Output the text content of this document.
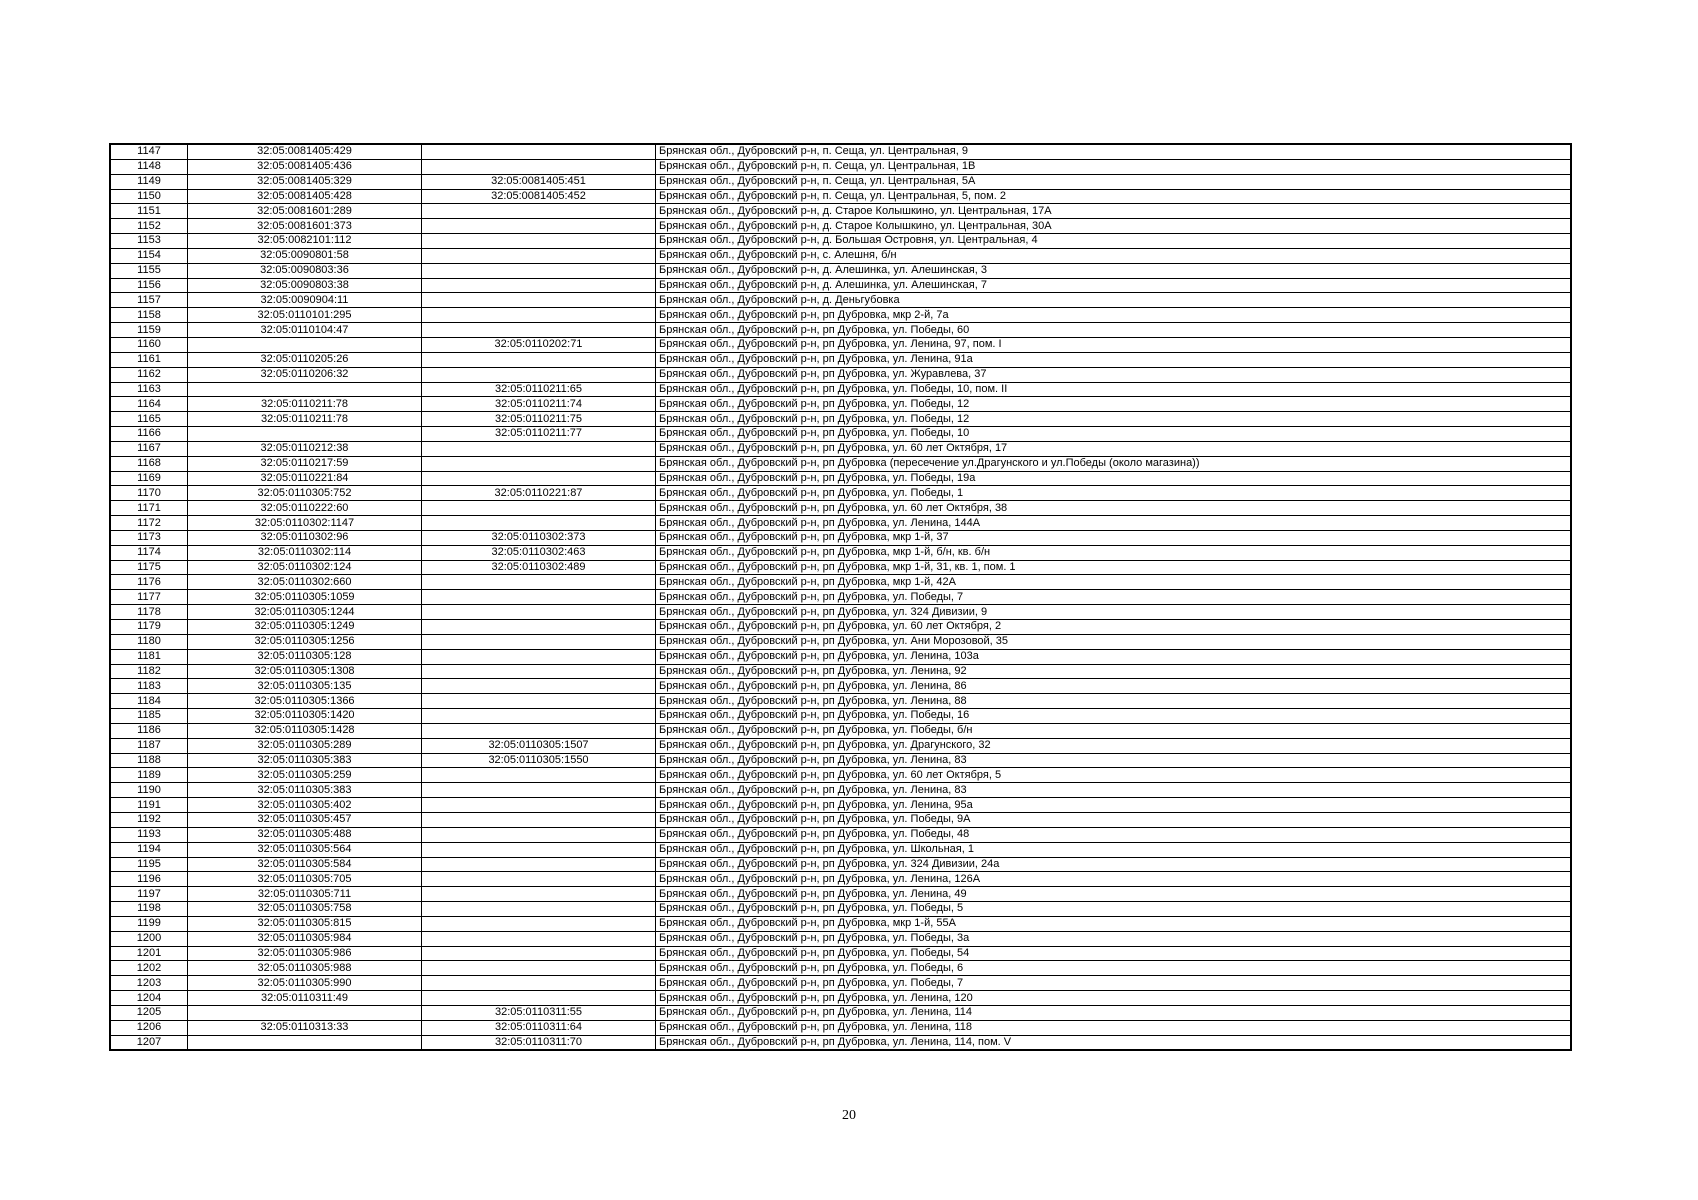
1147	32:05:0081405:429		Брянская обл., Дубровский р-н, п. Сеща, ул. Центральная, 9
1148	32:05:0081405:436		Брянская обл., Дубровский р-н, п. Сеща, ул. Центральная, 1В
1149	32:05:0081405:329	32:05:0081405:451	Брянская обл., Дубровский р-н, п. Сеща, ул. Центральная, 5А
1150	32:05:0081405:428	32:05:0081405:452	Брянская обл., Дубровский р-н, п. Сеща, ул. Центральная, 5, пом. 2
1151	32:05:0081601:289		Брянская обл., Дубровский р-н, д. Старое Колышкино, ул. Центральная, 17А
1152	32:05:0081601:373		Брянская обл., Дубровский р-н, д. Старое Колышкино, ул. Центральная, 30А
1153	32:05:0082101:112		Брянская обл., Дубровский р-н, д. Большая Островня, ул. Центральная, 4
1154	32:05:0090801:58		Брянская обл., Дубровский р-н, с. Алешня, б/н
1155	32:05:0090803:36		Брянская обл., Дубровский р-н, д. Алешинка, ул. Алешинская, 3
1156	32:05:0090803:38		Брянская обл., Дубровский р-н, д. Алешинка, ул. Алешинская, 7
1157	32:05:0090904:11		Брянская обл., Дубровский р-н, д. Деньгубовка
1158	32:05:0110101:295		Брянская обл., Дубровский р-н, рп Дубровка, мкр 2-й, 7а
1159	32:05:0110104:47		Брянская обл., Дубровский р-н, рп Дубровка, ул. Победы, 60
1160		32:05:0110202:71	Брянская обл., Дубровский р-н, рп Дубровка, ул. Ленина, 97, пом. I
1161	32:05:0110205:26		Брянская обл., Дубровский р-н, рп Дубровка, ул. Ленина, 91а
1162	32:05:0110206:32		Брянская обл., Дубровский р-н, рп Дубровка, ул. Журавлева, 37
1163		32:05:0110211:65	Брянская обл., Дубровский р-н, рп Дубровка, ул. Победы, 10, пом. II
1164	32:05:0110211:78	32:05:0110211:74	Брянская обл., Дубровский р-н, рп Дубровка, ул. Победы, 12
1165	32:05:0110211:78	32:05:0110211:75	Брянская обл., Дубровский р-н, рп Дубровка, ул. Победы, 12
1166		32:05:0110211:77	Брянская обл., Дубровский р-н, рп Дубровка, ул. Победы, 10
1167	32:05:0110212:38		Брянская обл., Дубровский р-н, рп Дубровка, ул. 60 лет Октября, 17
1168	32:05:0110217:59		Брянская обл., Дубровский р-н, рп Дубровка (пересечение ул.Драгунского и ул.Победы (около магазина))
1169	32:05:0110221:84		Брянская обл., Дубровский р-н, рп Дубровка, ул. Победы, 19а
1170	32:05:0110305:752	32:05:0110221:87	Брянская обл., Дубровский р-н, рп Дубровка, ул. Победы, 1
1171	32:05:0110222:60		Брянская обл., Дубровский р-н, рп Дубровка, ул. 60 лет Октября, 38
1172	32:05:0110302:1147		Брянская обл., Дубровский р-н, рп Дубровка, ул. Ленина, 144А
1173	32:05:0110302:96	32:05:0110302:373	Брянская обл., Дубровский р-н, рп Дубровка, мкр 1-й, 37
1174	32:05:0110302:114	32:05:0110302:463	Брянская обл., Дубровский р-н, рп Дубровка, мкр 1-й, б/н, кв. б/н
1175	32:05:0110302:124	32:05:0110302:489	Брянская обл., Дубровский р-н, рп Дубровка, мкр 1-й, 31, кв. 1, пом. 1
1176	32:05:0110302:660		Брянская обл., Дубровский р-н, рп Дубровка, мкр 1-й, 42А
1177	32:05:0110305:1059		Брянская обл., Дубровский р-н, рп Дубровка, ул. Победы, 7
1178	32:05:0110305:1244		Брянская обл., Дубровский р-н, рп Дубровка, ул. 324 Дивизии, 9
1179	32:05:0110305:1249		Брянская обл., Дубровский р-н, рп Дубровка, ул. 60 лет Октября, 2
1180	32:05:0110305:1256		Брянская обл., Дубровский р-н, рп Дубровка, ул. Ани Морозовой, 35
1181	32:05:0110305:128		Брянская обл., Дубровский р-н, рп Дубровка, ул. Ленина, 103а
1182	32:05:0110305:1308		Брянская обл., Дубровский р-н, рп Дубровка, ул. Ленина, 92
1183	32:05:0110305:135		Брянская обл., Дубровский р-н, рп Дубровка, ул. Ленина, 86
1184	32:05:0110305:1366		Брянская обл., Дубровский р-н, рп Дубровка, ул. Ленина, 88
1185	32:05:0110305:1420		Брянская обл., Дубровский р-н, рп Дубровка, ул. Победы, 16
1186	32:05:0110305:1428		Брянская обл., Дубровский р-н, рп Дубровка, ул. Победы, б/н
1187	32:05:0110305:289	32:05:0110305:1507	Брянская обл., Дубровский р-н, рп Дубровка, ул. Драгунского, 32
1188	32:05:0110305:383	32:05:0110305:1550	Брянская обл., Дубровский р-н, рп Дубровка, ул. Ленина, 83
1189	32:05:0110305:259		Брянская обл., Дубровский р-н, рп Дубровка, ул. 60 лет Октября, 5
1190	32:05:0110305:383		Брянская обл., Дубровский р-н, рп Дубровка, ул. Ленина, 83
1191	32:05:0110305:402		Брянская обл., Дубровский р-н, рп Дубровка, ул. Ленина, 95а
1192	32:05:0110305:457		Брянская обл., Дубровский р-н, рп Дубровка, ул. Победы, 9А
1193	32:05:0110305:488		Брянская обл., Дубровский р-н, рп Дубровка, ул. Победы, 48
1194	32:05:0110305:564		Брянская обл., Дубровский р-н, рп Дубровка, ул. Школьная, 1
1195	32:05:0110305:584		Брянская обл., Дубровский р-н, рп Дубровка, ул. 324 Дивизии, 24а
1196	32:05:0110305:705		Брянская обл., Дубровский р-н, рп Дубровка, ул. Ленина, 126А
1197	32:05:0110305:711		Брянская обл., Дубровский р-н, рп Дубровка, ул. Ленина, 49
1198	32:05:0110305:758		Брянская обл., Дубровский р-н, рп Дубровка, ул. Победы, 5
1199	32:05:0110305:815		Брянская обл., Дубровский р-н, рп Дубровка, мкр 1-й, 55А
1200	32:05:0110305:984		Брянская обл., Дубровский р-н, рп Дубровка, ул. Победы, 3а
1201	32:05:0110305:986		Брянская обл., Дубровский р-н, рп Дубровка, ул. Победы, 54
1202	32:05:0110305:988		Брянская обл., Дубровский р-н, рп Дубровка, ул. Победы, 6
1203	32:05:0110305:990		Брянская обл., Дубровский р-н, рп Дубровка, ул. Победы, 7
1204	32:05:0110311:49		Брянская обл., Дубровский р-н, рп Дубровка, ул. Ленина, 120
1205		32:05:0110311:55	Брянская обл., Дубровский р-н, рп Дубровка, ул. Ленина, 114
1206	32:05:0110313:33	32:05:0110311:64	Брянская обл., Дубровский р-н, рп Дубровка, ул. Ленина, 118
1207		32:05:0110311:70	Брянская обл., Дубровский р-н, рп Дубровка, ул. Ленина, 114, пом. V
20
